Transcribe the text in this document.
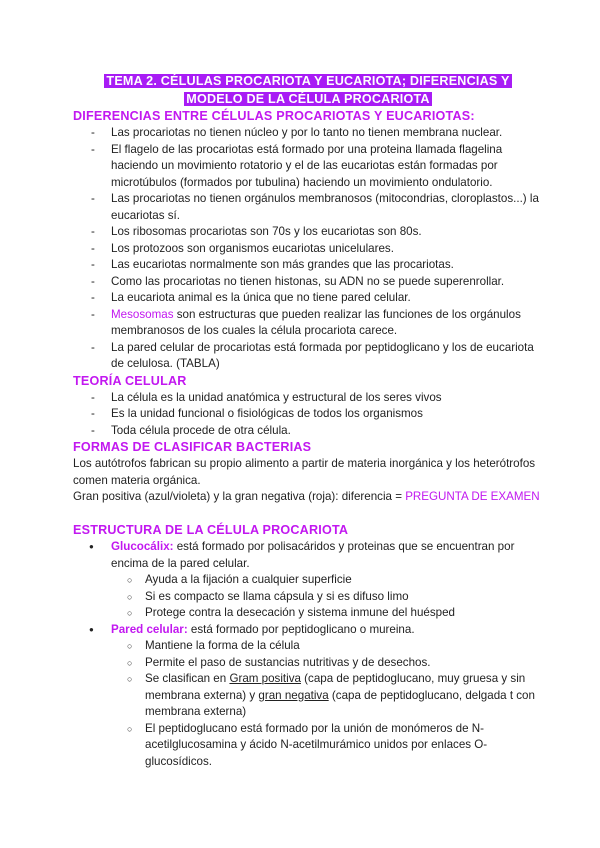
TEMA 2. CÉLULAS PROCARIOTA Y EUCARIOTA; DIFERENCIAS Y
MODELO DE LA CÉLULA PROCARIOTA
DIFERENCIAS ENTRE CÉLULAS PROCARIOTAS Y EUCARIOTAS:
- Las procariotas no tienen núcleo y por lo tanto no tienen membrana nuclear.
- El flagelo de las procariotas está formado por una proteina llamada flagelina haciendo un movimiento rotatorio y el de las eucariotas están formadas por microtúbulos (formados por tubulina) haciendo un movimiento ondulatorio.
- Las procariotas no tienen orgánulos membranosos (mitocondrias, cloroplastos...) la eucariotas sí.
- Los ribosomas procariotas son 70s y los eucariotas son 80s.
- Los protozoos son organismos eucariotas unicelulares.
- Las eucariotas normalmente son más grandes que las procariotas.
- Como las procariotas no tienen histonas, su ADN no se puede superenrollar.
- La eucariota animal es la única que no tiene pared celular.
- Mesosomas son estructuras que pueden realizar las funciones de los orgánulos membranosos de los cuales la célula procariota carece.
- La pared celular de procariotas está formada por peptidoglicano y los de eucariota de celulosa. (TABLA)
TEORÍA CELULAR
- La célula es la unidad anatómica y estructural de los seres vivos
- Es la unidad funcional o fisiológicas de todos los organismos
- Toda célula procede de otra célula.
FORMAS DE CLASIFICAR BACTERIAS

Los autótrofos fabrican su propio alimento a partir de materia inorgánica y los heterótrofos comen materia orgánica.

Gran positiva (azul/violeta) y la gran negativa (roja): diferencia = PREGUNTA DE EXAMEN

ESTRUCTURA DE LA CÉLULA PROCARIOTA
● Glucocálix: está formado por polisacáridos y proteinas que se encuentran por encima de la pared celular.
○ Ayuda a la fijación a cualquier superficie
○ Si es compacto se llama cápsula y si es difuso limo
○ Protege contra la desecación y sistema inmune del huésped
● Pared celular: está formado por peptidoglicano o mureina.
○ Mantiene la forma de la célula
○ Permite el paso de sustancias nutritivas y de desechos.
○ Se clasifican en Gram positiva (capa de peptidoglucano, muy gruesa y sin membrana externa) y gran negativa (capa de peptidoglucano, delgada t con membrana externa)
○ El peptidoglucano está formado por la unión de monómeros de N-acetilglucosamina y ácido N-acetilmurámico unidos por enlaces O-glucosídicos.
